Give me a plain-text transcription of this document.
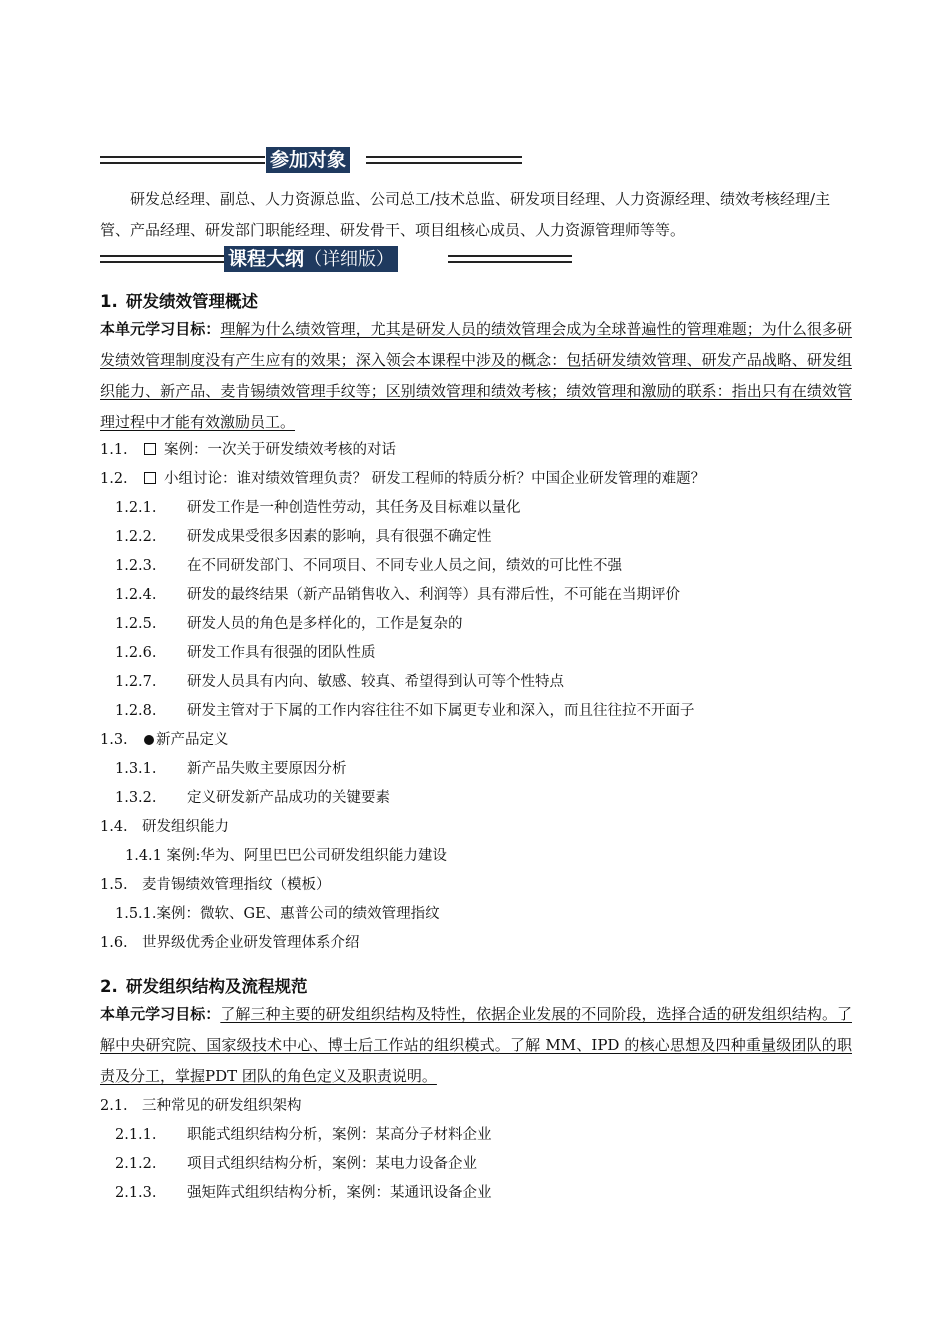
参加对象
研发总经理、副总、人力资源总监、公司总工/技术总监、研发项目经理、人力资源经理、绩效考核经理/主管、产品经理、研发部门职能经理、研发骨干、项目组核心成员、人力资源管理师等等。
课程大纲（详细版）
1. 研发绩效管理概述
本单元学习目标：理解为什么绩效管理，尤其是研发人员的绩效管理会成为全球普遍性的管理难题；为什么很多研发绩效管理制度没有产生应有的效果；深入领会本课程中涉及的概念：包括研发绩效管理、研发产品战略、研发组织能力、新产品、麦肯锡绩效管理手纹等；区别绩效管理和绩效考核；绩效管理和激励的联系：指出只有在绩效管理过程中才能有效激励员工。
1.1.	案例：一次关于研发绩效考核的对话
1.2.	小组讨论：谁对绩效管理负责？ 研发工程师的特质分析？中国企业研发管理的难题？
1.2.1. 研发工作是一种创造性劳动，其任务及目标难以量化
1.2.2. 研发成果受很多因素的影响，具有很强不确定性
1.2.3. 在不同研发部门、不同项目、不同专业人员之间，绩效的可比性不强
1.2.4. 研发的最终结果（新产品销售收入、利润等）具有滞后性，不可能在当期评价
1.2.5. 研发人员的角色是多样化的，工作是复杂的
1.2.6. 研发工作具有很强的团队性质
1.2.7. 研发人员具有内向、敏感、较真、希望得到认可等个性特点
1.2.8. 研发主管对于下属的工作内容往往不如下属更专业和深入，而且往往拉不开面子
1.3. 新产品定义
1.3.1. 新产品失败主要原因分析
1.3.2. 定义研发新产品成功的关键要素
1.4. 研发组织能力
1.4.1 案例:华为、阿里巴巴公司研发组织能力建设
1.5. 麦肯锡绩效管理指纹（模板）
1.5.1.案例：微软、GE、惠普公司的绩效管理指纹
1.6. 世界级优秀企业研发管理体系介绍
2. 研发组织结构及流程规范
本单元学习目标：了解三种主要的研发组织结构及特性，依据企业发展的不同阶段，选择合适的研发组织结构。了解中央研究院、国家级技术中心、博士后工作站的组织模式。了解 MM、IPD 的核心思想及四种重量级团队的职责及分工，掌握PDT 团队的角色定义及职责说明。
2.1. 三种常见的研发组织架构
2.1.1. 职能式组织结构分析，案例：某高分子材料企业
2.1.2. 项目式组织结构分析，案例：某电力设备企业
2.1.3. 强矩阵式组织结构分析，案例：某通讯设备企业
